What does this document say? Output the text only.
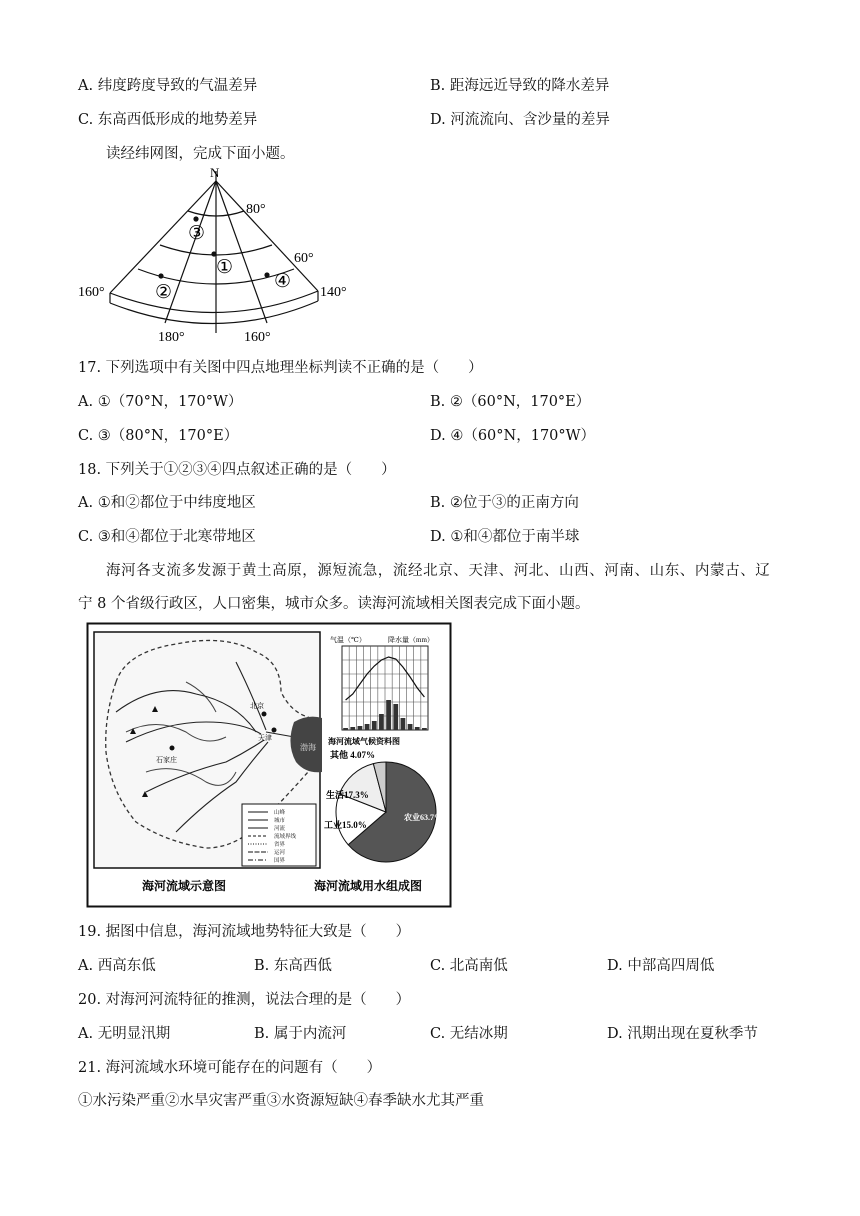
A. 纬度跨度导致的气温差异	B. 距海远近导致的降水差异
C. 东高西低形成的地势差异	D. 河流流向、含沙量的差异
读经纬网图，完成下面小题。
N
③
①
②
④
80°
60°
160°	140°
180°	160°
17. 下列选项中有关图中四点地理坐标判读不正确的是（　　）
A. ①（70°N，170°W）	B. ②（60°N，170°E）
C. ③（80°N，170°E）	D. ④（60°N，170°W）
18. 下列关于①②③④四点叙述正确的是（　　）
A. ①和②都位于中纬度地区	B. ②位于③的正南方向
C. ③和④都位于北寒带地区	D. ①和④都位于南半球
海河各支流多发源于黄土高原，源短流急，流经北京、天津、河北、山西、河南、山东、内蒙古、辽
宁 8 个省级行政区，人口密集，城市众多。读海河流域相关图表完成下面小题。
渤海
北京
天津
石家庄
山峰
城市
河流
流域界线
省界
运河
国界
气温（℃）	降水量（mm）
海河流域气候资料图
其他 4.07%
生活17.3%
工业15.0%
农业63.7%
海河流域示意图	海河流域用水组成图
19. 据图中信息，海河流域地势特征大致是（　　）
A. 西高东低	B. 东高西低	C. 北高南低	D. 中部高四周低
20. 对海河河流特征的推测，说法合理的是（　　）
A. 无明显汛期	B. 属于内流河	C. 无结冰期	D. 汛期出现在夏秋季节
21. 海河流域水环境可能存在的问题有（　　）
①水污染严重②水旱灾害严重③水资源短缺④春季缺水尤其严重
